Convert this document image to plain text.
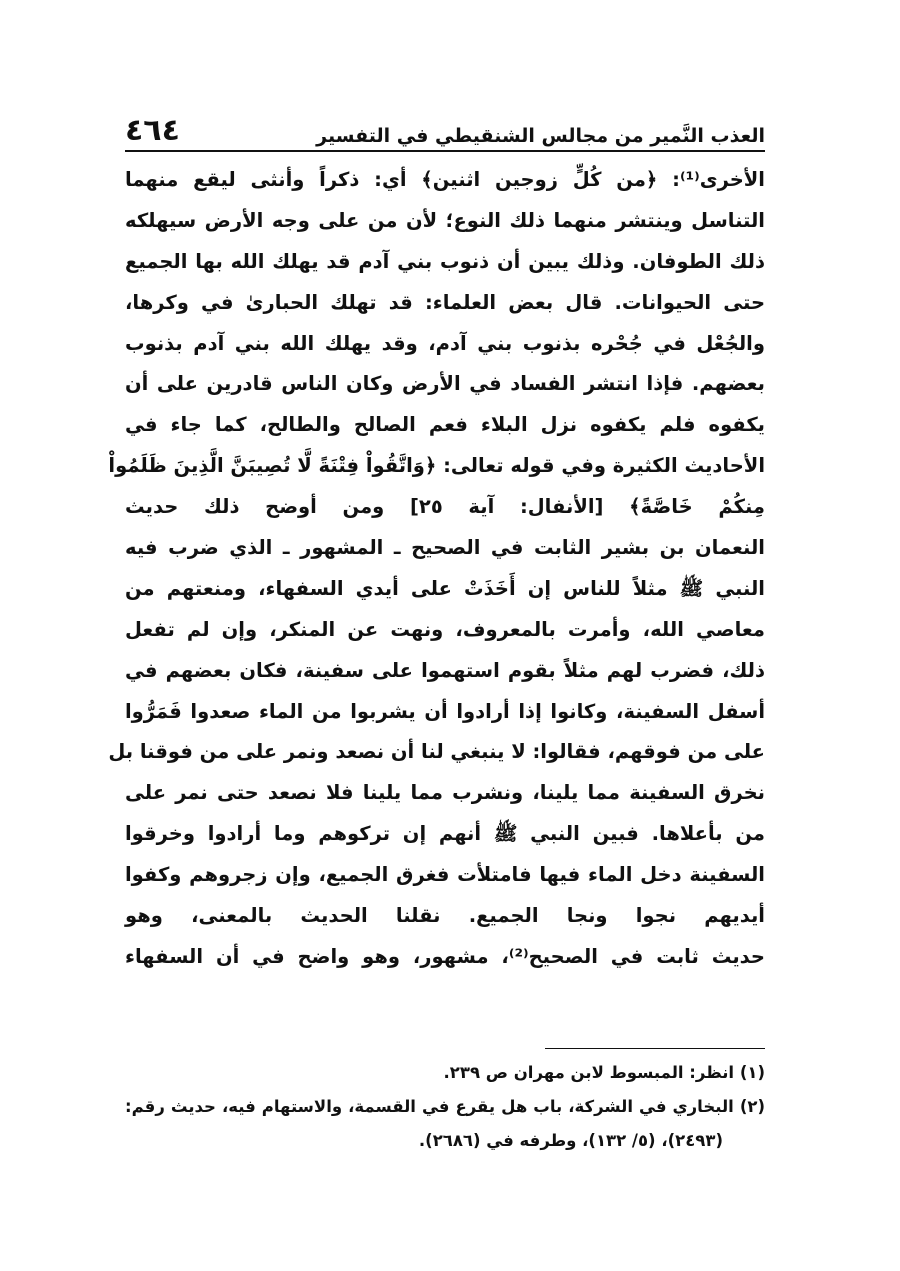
العذب النَّمير من مجالس الشنقيطي في التفسير
٤٦٤
الأخرى⁽¹⁾: ﴿من كُلٍّ زوجين اثنين﴾ أي: ذكراً وأنثى ليقع منهما
التناسل وينتشر منهما ذلك النوع؛ لأن من على وجه الأرض سيهلكه
ذلك الطوفان. وذلك يبين أن ذنوب بني آدم قد يهلك الله بها الجميع
حتى الحيوانات. قال بعض العلماء: قد تهلك الحبارىٰ في وكرها،
والجُعْل في جُحْره بذنوب بني آدم، وقد يهلك الله بني آدم بذنوب
بعضهم. فإذا انتشر الفساد في الأرض وكان الناس قادرين على أن
يكفوه فلم يكفوه نزل البلاء فعم الصالح والطالح، كما جاء في
الأحاديث الكثيرة وفي قوله تعالى: ﴿وَاتَّقُواْ فِتْنَةً لَّا تُصِيبَنَّ الَّذِينَ ظَلَمُواْ
مِنكُمْ خَاصَّةً﴾ [الأنفال: آية ٢٥] ومن أوضح ذلك حديث
النعمان بن بشير الثابت في الصحيح ـ المشهور ـ الذي ضرب فيه
النبي ﷺ مثلاً للناس إن أَخَذَتْ على أيدي السفهاء، ومنعتهم من
معاصي الله، وأمرت بالمعروف، ونهت عن المنكر، وإن لم تفعل
ذلك، فضرب لهم مثلاً بقوم استهموا على سفينة، فكان بعضهم في
أسفل السفينة، وكانوا إذا أرادوا أن يشربوا من الماء صعدوا فَمَرُّوا
على من فوقهم، فقالوا: لا ينبغي لنا أن نصعد ونمر على من فوقنا بل
نخرق السفينة مما يلينا، ونشرب مما يلينا فلا نصعد حتى نمر على
من بأعلاها. فبين النبي ﷺ أنهم إن تركوهم وما أرادوا وخرقوا
السفينة دخل الماء فيها فامتلأت فغرق الجميع، وإن زجروهم وكفوا
أيديهم نجوا ونجا الجميع. نقلنا الحديث بالمعنى، وهو
حديث ثابت في الصحيح⁽²⁾، مشهور، وهو واضح في أن السفهاء
(١) انظر: المبسوط لابن مهران ص ٢٣٩.
(٢) البخاري في الشركة، باب هل يقرع في القسمة، والاستهام فيه، حديث رقم:
(٢٤٩٣)، (٥/ ١٣٢)، وطرفه في (٢٦٨٦).
